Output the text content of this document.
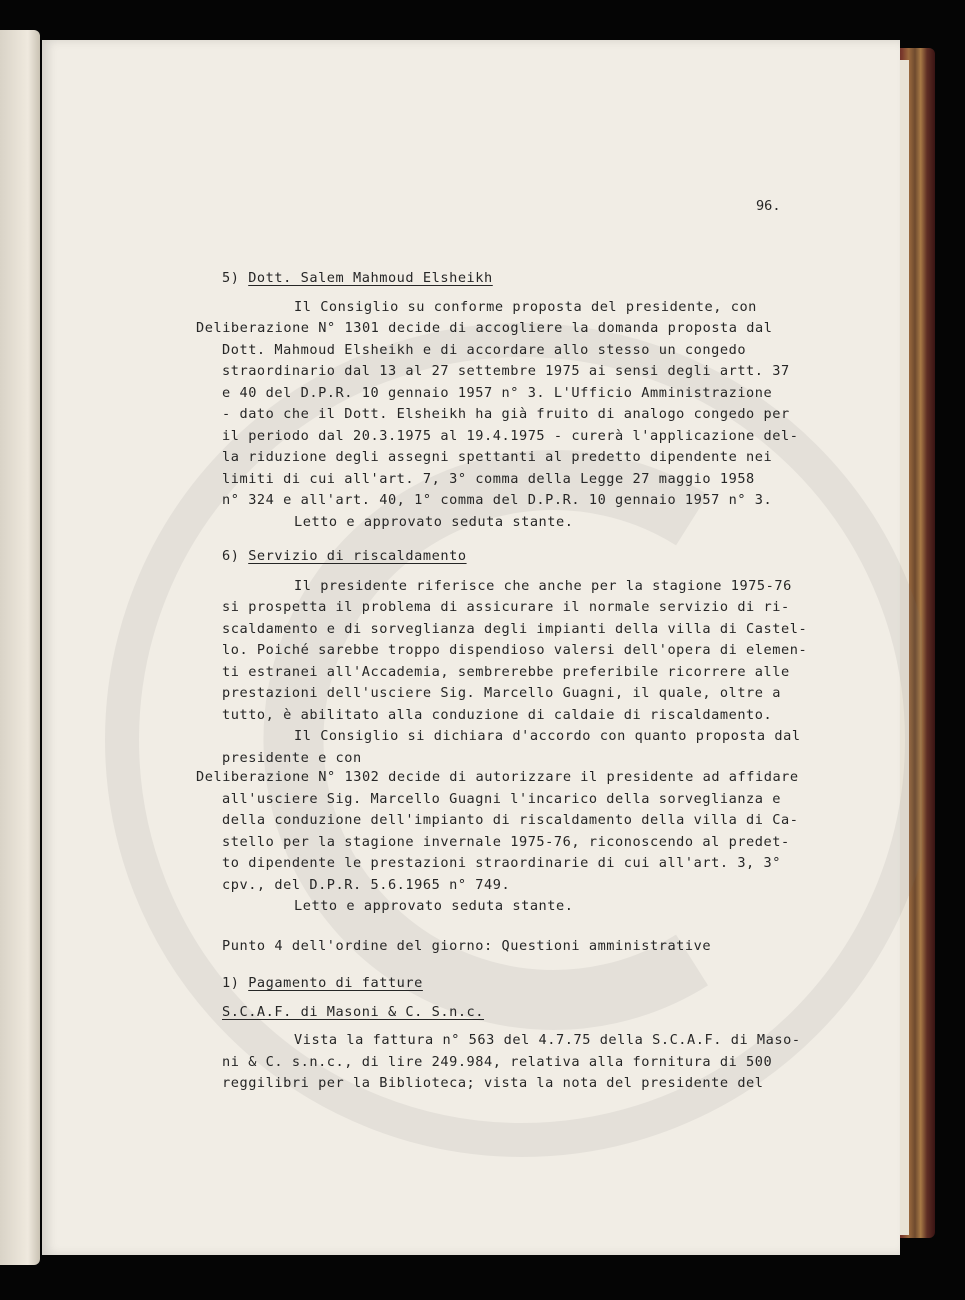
96.
5) Dott. Salem Mahmoud Elsheikh
Il Consiglio su conforme proposta del presidente, con
Deliberazione N° 1301 decide di accogliere la domanda proposta dal
Dott. Mahmoud Elsheikh e di accordare allo stesso un congedo
straordinario dal 13 al 27 settembre 1975 ai sensi degli artt. 37
e 40 del D.P.R. 10 gennaio 1957 n° 3. L'Ufficio Amministrazione
- dato che il Dott. Elsheikh ha già fruito di analogo congedo per
il periodo dal 20.3.1975 al 19.4.1975 - curerà l'applicazione del-
la riduzione degli assegni spettanti al predetto dipendente nei
limiti di cui all'art. 7, 3° comma della Legge 27 maggio 1958
n° 324 e all'art. 40, 1° comma del D.P.R. 10 gennaio 1957 n° 3.
Letto e approvato seduta stante.
6) Servizio di riscaldamento
Il presidente riferisce che anche per la stagione 1975-76
si prospetta il problema di assicurare il normale servizio di ri-
scaldamento e di sorveglianza degli impianti della villa di Castel-
lo. Poiché sarebbe troppo dispendioso valersi dell'opera di elemen-
ti estranei all'Accademia, sembrerebbe preferibile ricorrere alle
prestazioni dell'usciere Sig. Marcello Guagni, il quale, oltre a
tutto, è abilitato alla conduzione di caldaie di riscaldamento.
Il Consiglio si dichiara d'accordo con quanto proposta dal
presidente e con
Deliberazione N° 1302 decide di autorizzare il presidente ad affidare
all'usciere Sig. Marcello Guagni l'incarico della sorveglianza e
della conduzione dell'impianto di riscaldamento della villa di Ca-
stello per la stagione invernale 1975-76, riconoscendo al predet-
to dipendente le prestazioni straordinarie di cui all'art. 3, 3°
cpv., del D.P.R. 5.6.1965 n° 749.
Letto e approvato seduta stante.
Punto 4 dell'ordine del giorno: Questioni amministrative
1) Pagamento di fatture
S.C.A.F. di Masoni & C. S.n.c.
Vista la fattura n° 563 del 4.7.75 della S.C.A.F. di Maso-
ni & C. s.n.c., di lire 249.984, relativa alla fornitura di 500
reggilibri per la Biblioteca; vista la nota del presidente del
